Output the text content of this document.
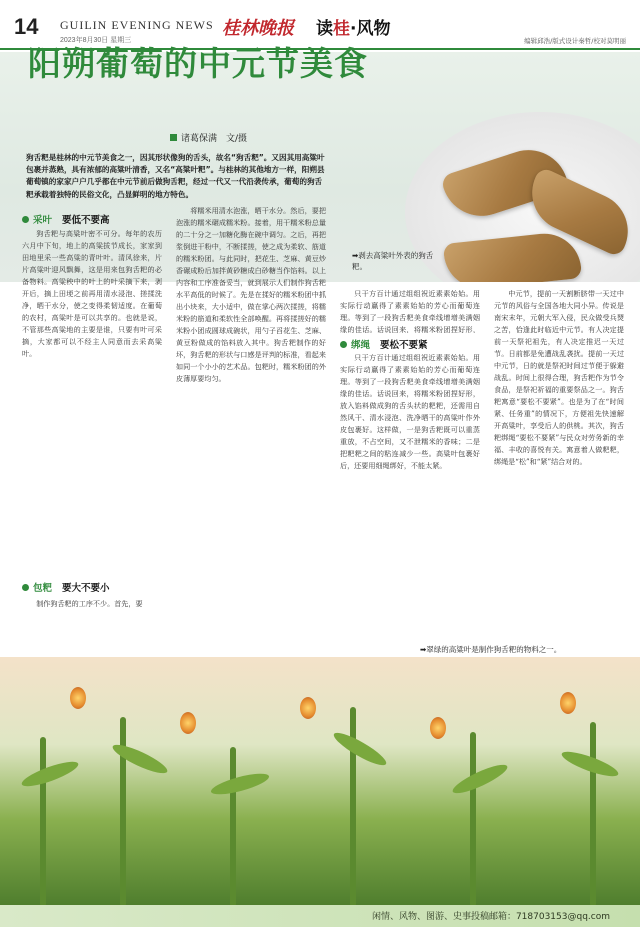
14 GUILIN EVENING NEWS
2023年8月30日 星期三
桂林晚报 读桂·风物
编辑邱浩/版式设计秦哲/校对莫明丽
阳朔葡萄的中元节美食
诸葛保满　文/摄
➡剥去高粱叶外表的狗舌粑。
狗舌粑是桂林的中元节美食之一，因其形状像狗的舌头，故名“狗舌粑”。又因其用高粱叶包裹并蒸熟，具有浓郁的高粱叶清香，又名“高粱叶粑”。与桂林的其他地方一样，阳朔县葡萄镇的家家户户几乎都在中元节前后做狗舌粑，经过一代又一代沿袭传承，葡萄的狗舌粑承载着独特的民俗文化，凸显鲜明的地方特色。
采叶 要低不要高
包粑 要大不要小
绑绳 要松不要紧

狗舌粑与高粱叶密不可分。每年的农历六月中下旬，地上的高粱拔节成长，家家到田地里采一些高粱的青叶叶。清风徐来，片片高粱叶迎风飘舞，这是用来包狗舌粑的必备物料。高粱秧中的叶上的叶采摘下来，剥开后，摘上田埂之前再用清水浸泡、搓揉洗净，晒干水分，使之变得柔韧适度。在葡萄的农村，高粱叶是可以共享的。也就是说，不管那些高粱地的主要是谁，只要有叶可采摘，大家都可以不经主人同意而去采高粱叶。

制作狗舌粑的工序不少。首先，要

将糯米用清水泡涨，晒干水分。然后，要把泡涨的糯米碾成糯米粉。接着，用干糯米粉总量的二十分之一加糖化酶在碗中调匀。之后，再把浆倒进干粉中，不断揉搓，使之成为柔软、筋道的糯米粉团。与此同时，把花生、芝麻、黄豆炒香碾成粉后加拌黄砂糖成白砂糖当作馅料。以上内容和工序准备妥当，就到展示人们制作狗舌粑水平高低的时候了。先是在揉好的糯米粉团中抓出小块来，大小适中，做在掌心两次揉搓，将糯米粉的筋道和柔软性全部唤醒。再将揉搓好的糯米粉小团成圆球成碗状，用勺子舀花生、芝麻、黄豆粉做成的馅料放入其中。狗舌粑制作的好坏，狗舌粑的形状与口感是评判的标准，看起来如同一个小小的艺术品。包粑时，糯米粉团的外皮薄厚要均匀。

只干方百计通过组组祝近素素始始。用实际行动赢得了素素始始的芳心而葡萄连理。等到了一段狗舌粑美食牵线增增美满姻缘的佳话。话说回来，将糯米粉团捏好形，

只干方百计通过组组祝近素素始始。用实际行动赢得了素素始始的芳心而葡萄连理。等到了一段狗舌粑美食牵线增增美满姻缘的佳话。话说回来，将糯米粉团捏好形，放入馅料做成狗的舌头状的粑粑，还需用自然风干、清水浸泡、洗净晒干的高粱叶作外皮包裹好。这样做，一是狗舌粑既可以重蒸重放，不占空间，又不泄糯米的香味；二是把粑粑之间的粘连减少一些。高粱叶包裹好后，还要用细绳绑好，不能太紧。

中元节，提前一天割断脐带一天过中元节的风俗与全国各地大同小异。传说是南宋末年，元朝大军入侵，民众做受兵燹之苦，恰逢此时临近中元节。有人决定提前一天祭祀祖先，有人决定推迟一天过节。日前都是免遭战乱袭扰。提前一天过中元节，日的就是祭祀时间过节便于躲避战乱。时间上很得合理，狗舌粑作为节令食品，是祭祀祈福的重要祭品之一。狗舌粑寓意“要松不要紧”。也是为了在“时间紧、任务重”的情况下，方便祖先快速解开高粱叶，享受后人的供桃。其次，狗舌粑绑绳“要松不要紧”与民众对劳务新的幸福、丰收的喜悦有关。寓意着人做粑粑，绑绳是“松”和“紧”结合对的。

➡翠绿的高粱叶是制作狗舌粑的物料之一。
闲情、风物、图游、史事投稿邮箱：718703153@qq.com
